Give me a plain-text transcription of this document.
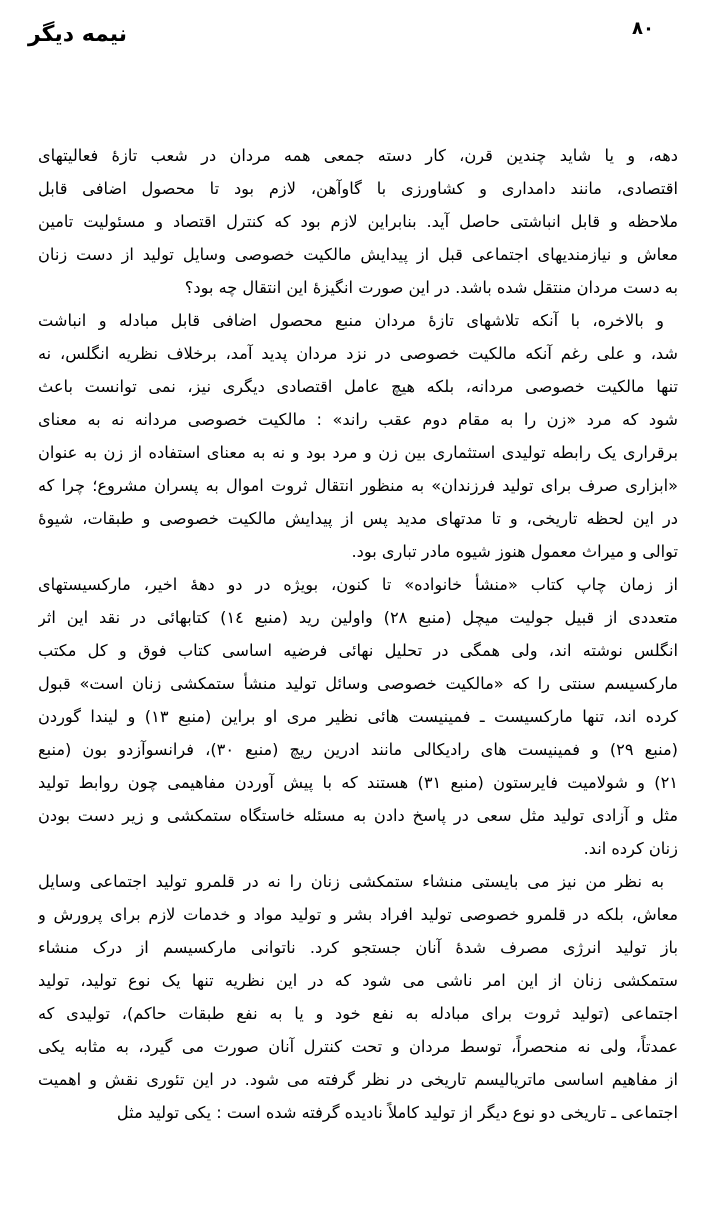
نیمه دیگر	۸۰
دهه، و یا شاید چندین قرن، کار دسته جمعی همه مردان در شعب تازهٔ فعالیتهای
اقتصادی، مانند دامداری و کشاورزی با گاوآهن، لازم بود تا محصول اضافی قابل
ملاحظه و قابل انباشتی حاصل آید. بنابراین لازم بود که کنترل اقتصاد و مسئولیت تامین
معاش و نیازمندیهای اجتماعی قبل از پیدایش مالکیت خصوصی وسایل تولید از دست زنان
به دست مردان منتقل شده باشد. در این صورت انگیزهٔ این انتقال چه بود؟
و بالاخره، با آنکه تلاشهای تازهٔ مردان منبع محصول اضافی قابل مبادله و انباشت
شد، و علی رغم آنکه مالکیت خصوصی در نزد مردان پدید آمد، برخلاف نظریه انگلس، نه
تنها مالکیت خصوصی مردانه، بلکه هیچ عامل اقتصادی دیگری نیز، نمی توانست باعث
شود که مرد «زن را به مقام دوم عقب راند» : مالکیت خصوصی مردانه نه به معنای
برقراری یک رابطه تولیدی استثماری بین زن و مرد بود و نه به معنای استفاده از زن به عنوان
«ابزاری صرف برای تولید فرزندان» به منظور انتقال ثروت اموال به پسران مشروع؛ چرا که
در این لحظه تاریخی، و تا مدتهای مدید پس از پیدایش مالکیت خصوصی و طبقات، شیوهٔ
توالی و میراث معمول هنوز شیوه مادر تباری بود.
از زمان چاپ کتاب «منشأ خانواده» تا کنون، بویژه در دو دههٔ اخیر، مارکسیستهای
متعددی از قبیل جولیت میچل (منبع ۲۸) واولین رید (منبع ١٤) کتابهائی در نقد این اثر
انگلس نوشته اند، ولی همگی در تحلیل نهائی فرضیه اساسی کتاب فوق و کل مکتب
مارکسیسم سنتی را که «مالکیت خصوصی وسائل تولید منشأ ستمکشی زنان است» قبول
کرده اند، تنها مارکسیست ـ فمینیست هائی نظیر مری او براین (منبع ۱۳) و لیندا گوردن
(منبع ۲۹) و فمینیست های رادیکالی مانند ادرین ریچ (منبع ۳۰)، فرانسوآزدو بون (منبع
۲۱) و شولامیت فایرستون (منبع ۳۱) هستند که با پیش آوردن مفاهیمی چون روابط تولید
مثل و آزادی تولید مثل سعی در پاسخ دادن به مسئله خاستگاه ستمکشی و زیر دست بودن
زنان کرده اند.
به نظر من نیز می بایستی منشاء ستمکشی زنان را نه در قلمرو تولید اجتماعی وسایل
معاش، بلکه در قلمرو خصوصی تولید افراد بشر و تولید مواد و خدمات لازم برای پرورش و
باز تولید انرژی مصرف شدهٔ آنان جستجو کرد. ناتوانی مارکسیسم از درک منشاء
ستمکشی زنان از این امر ناشی می شود که در این نظریه تنها یک نوع تولید، تولید
اجتماعی (تولید ثروت برای مبادله به نفع خود و یا به نفع طبقات حاکم)، تولیدی که
عمدتاً، ولی نه منحصراً، توسط مردان و تحت کنترل آنان صورت می گیرد، به مثابه یکی
از مفاهیم اساسی ماتریالیسم تاریخی در نظر گرفته می شود. در این تئوری نقش و اهمیت
اجتماعی ـ تاریخی دو نوع دیگر از تولید کاملاً نادیده گرفته شده است : یکی تولید مثل
